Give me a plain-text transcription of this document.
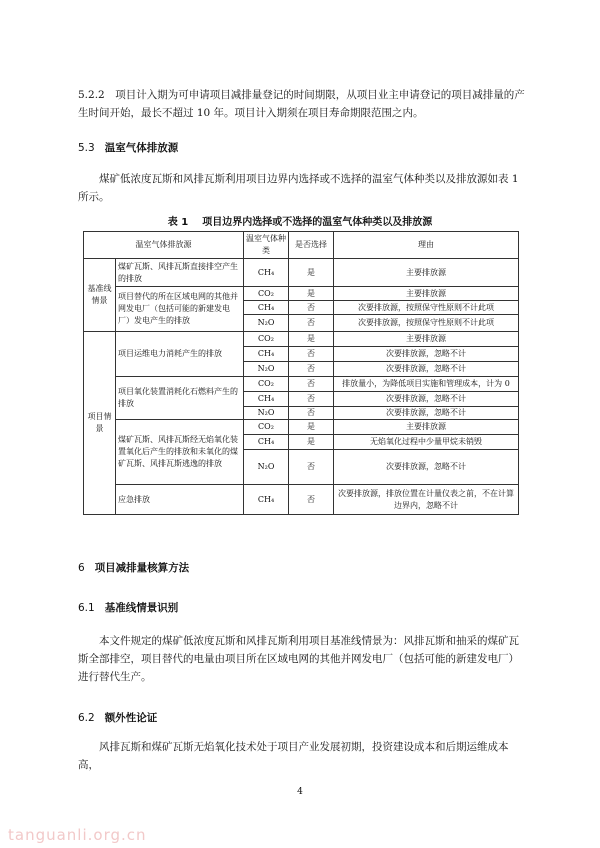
5.2.2　项目计入期为可申请项目减排量登记的时间期限，从项目业主申请登记的项目减排量的产生时间开始，最长不超过 10 年。项目计入期须在项目寿命期限范围之内。

5.3 温室气体排放源

煤矿低浓度瓦斯和风排瓦斯利用项目边界内选择或不选择的温室气体种类以及排放源如表 1 所示。

表 1 项目边界内选择或不选择的温室气体种类以及排放源
温室气体排放源		温室气体种类	是否选择	理由
基准线情景	煤矿瓦斯、风排瓦斯直接排空产生的排放	CH₄	是	主要排放源
	项目替代的所在区域电网的其他并网发电厂（包括可能的新建发电厂）发电产生的排放	CO₂	是	主要排放源
		CH₄	否	次要排放源，按照保守性原则不计此项
		N₂O	否	次要排放源，按照保守性原则不计此项
项目情景	项目运维电力消耗产生的排放	CO₂	是	主要排放源
		CH₄	否	次要排放源，忽略不计
		N₂O	否	次要排放源，忽略不计
	项目氧化装置消耗化石燃料产生的排放	CO₂	否	排放量小，为降低项目实施和管理成本，计为 0
		CH₄	否	次要排放源，忽略不计
		N₂O	否	次要排放源，忽略不计
	煤矿瓦斯、风排瓦斯经无焰氧化装置氧化后产生的排放和未氧化的煤矿瓦斯、风排瓦斯逃逸的排放	CO₂	是	主要排放源
		CH₄	是	无焰氧化过程中少量甲烷未销毁
		N₂O	否	次要排放源，忽略不计
	应急排放	CH₄	否	次要排放源，排放位置在计量仪表之前，不在计算边界内，忽略不计
6 项目减排量核算方法
6.1 基准线情景识别

本文件规定的煤矿低浓度瓦斯和风排瓦斯利用项目基准线情景为：风排瓦斯和抽采的煤矿瓦斯全部排空，项目替代的电量由项目所在区域电网的其他并网发电厂（包括可能的新建发电厂）进行替代生产。

6.2 额外性论证

风排瓦斯和煤矿瓦斯无焰氧化技术处于项目产业发展初期，投资建设成本和后期运维成本高，

4
tanguanli.org.cn
